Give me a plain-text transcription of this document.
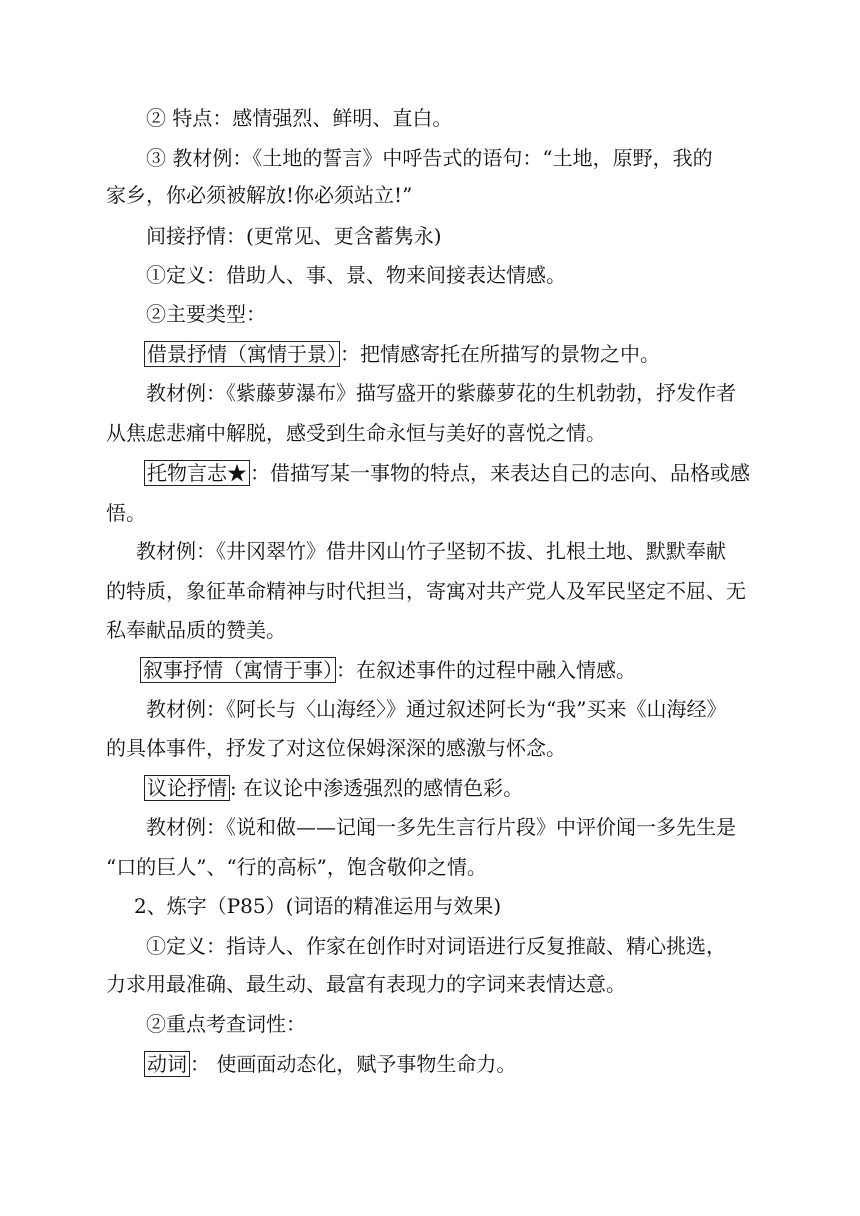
② 特点：感情强烈、鲜明、直白。
③ 教材例：《土地的誓言》中呼告式的语句：“土地，原野，我的
家乡，你必须被解放!你必须站立!”
间接抒情：(更常见、更含蓄隽永)
①定义：借助人、事、景、物来间接表达情感。
②主要类型：
借景抒情（寓情于景） ：把情感寄托在所描写的景物之中。
教材例：《紫藤萝瀑布》描写盛开的紫藤萝花的生机勃勃，抒发作者
从焦虑悲痛中解脱，感受到生命永恒与美好的喜悦之情。
托物言志★ ：借描写某一事物的特点，来表达自己的志向、品格或感
悟。
教材例：《井冈翠竹》借井冈山竹子坚韧不拔、扎根土地、默默奉献
的特质，象征革命精神与时代担当，寄寓对共产党人及军民坚定不屈、无
私奉献品质的赞美。
叙事抒情（寓情于事） ：在叙述事件的过程中融入情感。
教材例：《阿长与〈山海经〉》通过叙述阿长为“我”买来《山海经》
的具体事件，抒发了对这位保姆深深的感激与怀念。
议论抒情 : 在议论中渗透强烈的感情色彩。
教材例：《说和做——记闻一多先生言行片段》中评价闻一多先生是
“口的巨人”、“行的高标”，饱含敬仰之情。
2、炼字（P85）(词语的精准运用与效果)
①定义：指诗人、作家在创作时对词语进行反复推敲、精心挑选，
力求用最准确、最生动、最富有表现力的字词来表情达意。
②重点考查词性：
动词 ： 使画面动态化，赋予事物生命力。
